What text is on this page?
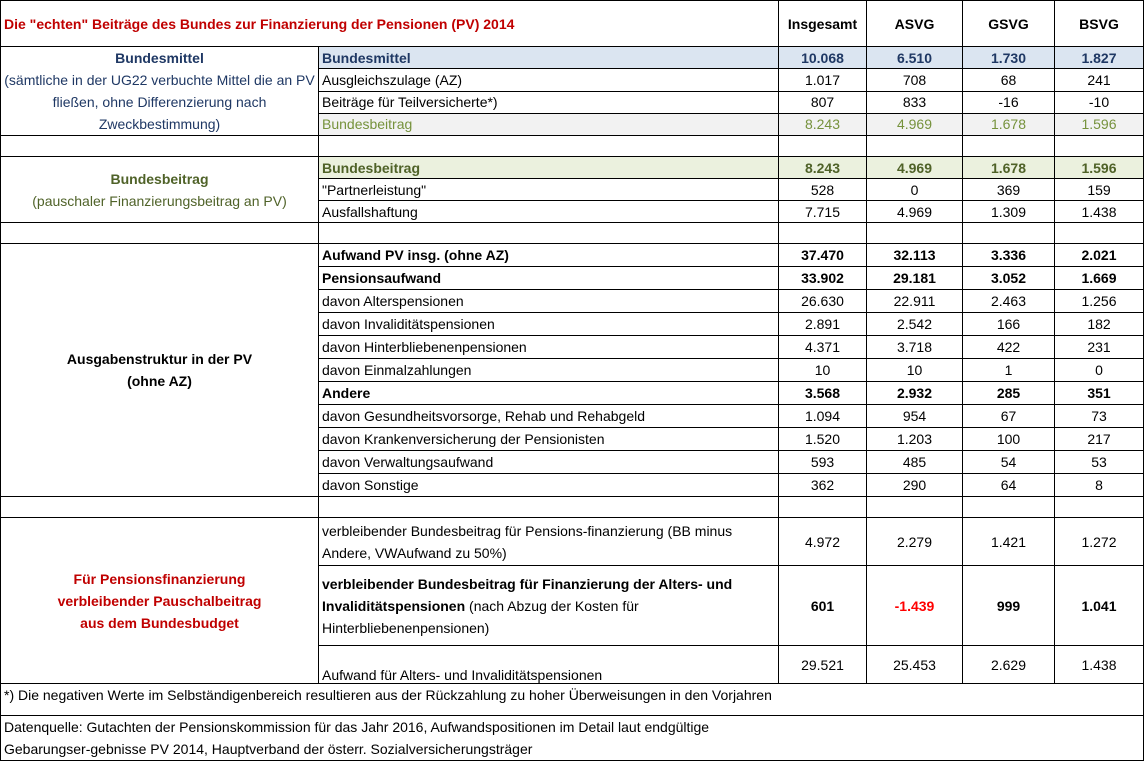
Die "echten" Beiträge des Bundes zur Finanzierung der Pensionen (PV) 2014		Insgesamt	ASVG	GSVG	BSVG
Bundesmittel
(sämtliche in der UG22 verbuchte Mittel die an PV fließen, ohne Differenzierung nach Zweckbestimmung)	Bundesmittel	10.068	6.510	1.730	1.827
	Ausgleichszulage (AZ)	1.017	708	68	241
	Beiträge für Teilversicherte*)	807	833	-16	-10
	Bundesbeitrag	8.243	4.969	1.678	1.596

Bundesbeitrag
(pauschaler Finanzierungsbeitrag an PV)	Bundesbeitrag	8.243	4.969	1.678	1.596
	"Partnerleistung"	528	0	369	159
	Ausfallshaftung	7.715	4.969	1.309	1.438

Ausgabenstruktur in der PV (ohne AZ)	Aufwand PV insg. (ohne AZ)	37.470	32.113	3.336	2.021
	Pensionsaufwand	33.902	29.181	3.052	1.669
	davon Alterspensionen	26.630	22.911	2.463	1.256
	davon Invaliditätspensionen	2.891	2.542	166	182
	davon Hinterbliebenenpensionen	4.371	3.718	422	231
	davon Einmalzahlungen	10	10	1	0
	Andere	3.568	2.932	285	351
	davon Gesundheitsvorsorge, Rehab und Rehabgeld	1.094	954	67	73
	davon Krankenversicherung der Pensionisten	1.520	1.203	100	217
	davon Verwaltungsaufwand	593	485	54	53
	davon Sonstige	362	290	64	8

Für Pensionsfinanzierung verbleibender Pauschalbeitrag aus dem Bundesbudget	verbleibender Bundesbeitrag für Pensions-finanzierung (BB minus Andere, VWAufwand zu 50%)	4.972	2.279	1.421	1.272
	verbleibender Bundesbeitrag für Finanzierung der Alters- und Invaliditätspensionen (nach Abzug der Kosten für Hinterbliebenenpensionen)	601	-1.439	999	1.041
	Aufwand für Alters- und Invaliditätspensionen	29.521	25.453	2.629	1.438
*) Die negativen Werte im Selbständigenbereich resultieren aus der Rückzahlung zu hoher Überweisungen in den Vorjahren					

Datenquelle: Gutachten der Pensionskommission für das Jahr 2016, Aufwandspositionen im Detail laut endgültige Gebarungser-gebnisse PV 2014, Hauptverband der österr. Sozialversicherungsträger					
